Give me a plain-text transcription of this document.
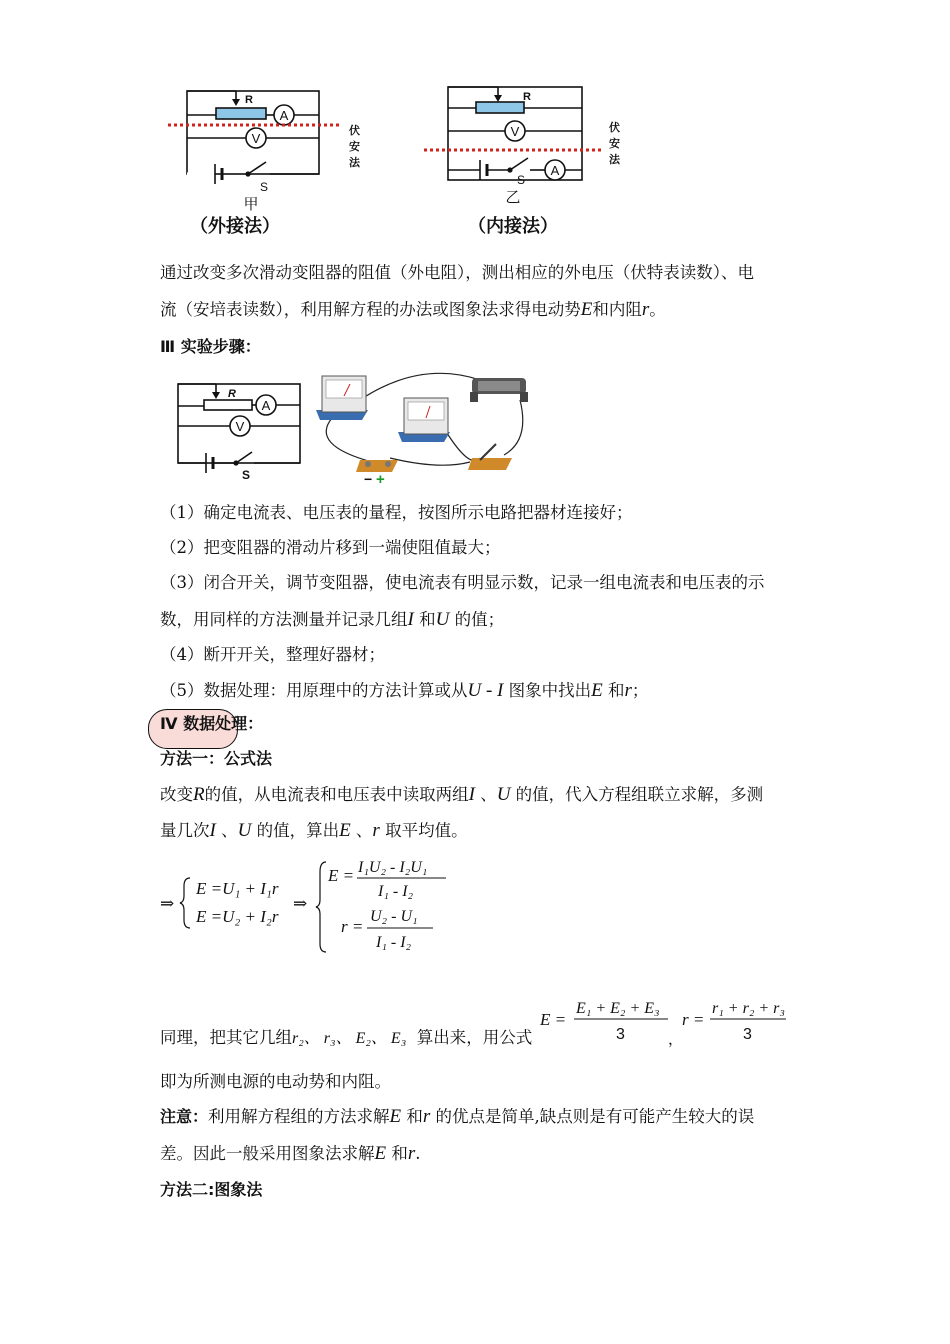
R
A
V
S
伏
安
法
甲
R
V
A
S
伏
安
法
乙
（外接法）	（内接法）
通过改变多次滑动变阻器的阻值（外电阻），测出相应的外电压（伏特表读数）、电
流（安培表读数），利用解方程的办法或图象法求得电动势E和内阻r。
Ⅲ 实验步骤：
R
A
V
S	− +
（1）确定电流表、电压表的量程，按图所示电路把器材连接好；
（2）把变阻器的滑动片移到一端使阻值最大；
（3）闭合开关，调节变阻器，使电流表有明显示数，记录一组电流表和电压表的示
数，用同样的方法测量并记录几组I 和U 的值；
（4）断开开关，整理好器材；
（5）数据处理：用原理中的方法计算或从U - I 图象中找出E 和r；
Ⅳ 数据处理：
方法一：公式法
改变R的值，从电流表和电压表中读取两组I 、U 的值，代入方程组联立求解，多测
量几次I 、U 的值，算出E 、r 取平均值。
⇒
E =U₁ + I₁r
E =U₂ + I₂r
⇒
E = I₁U₂ - I₂U₁
I₁ - I₂
r =
U₂ - U₁
I₁ - I₂
同理，把其它几组r₂、 r₃、 E₂、 E₃ 算出来，用公式
E =
E₁ + E₂ + E₃
3	，
r =
r₁ + r₂ + r₃
3
即为所测电源的电动势和内阻。
注意：利用解方程组的方法求解E 和r 的优点是简单,缺点则是有可能产生较大的误
差。因此一般采用图象法求解E 和r.
方法二:图象法
